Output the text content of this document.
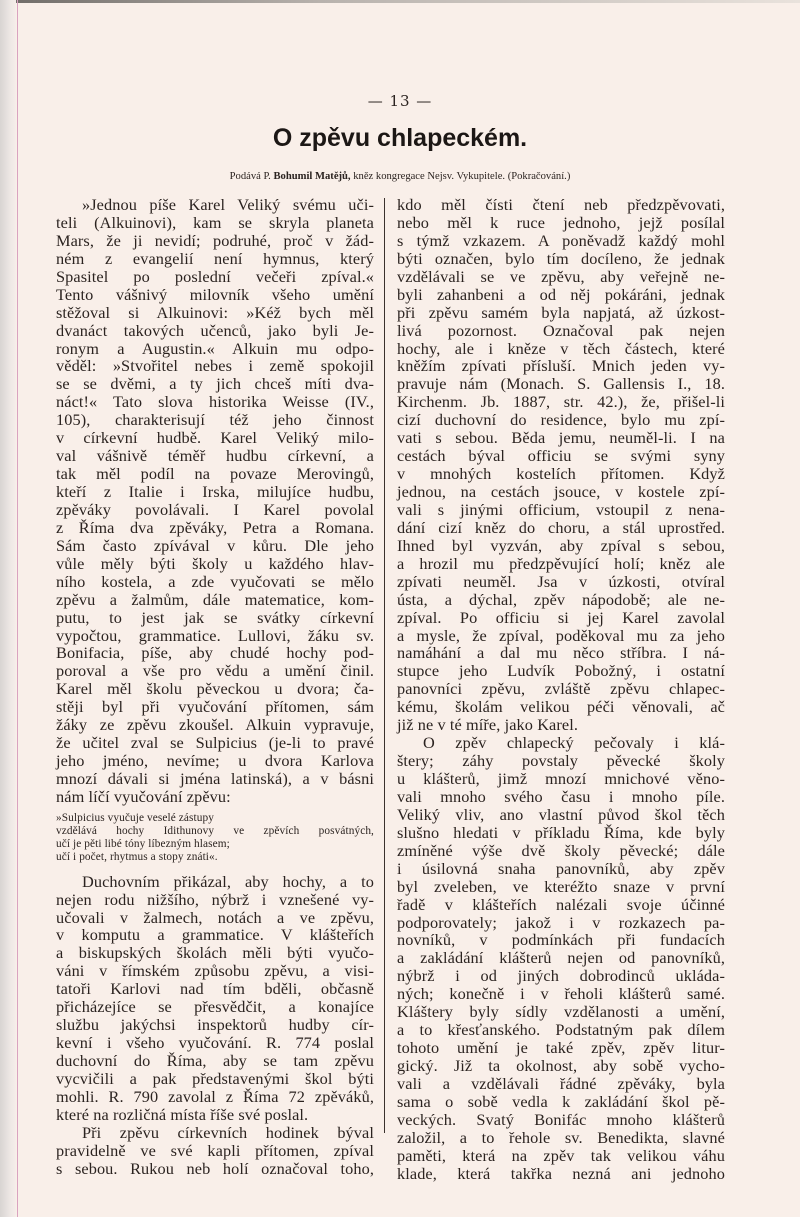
— 13 —
O zpěvu chlapeckém.
Podává P. Bohumil Matějů, kněz kongregace Nejsv. Vykupitele. (Pokračování.)
»Jednou píše Karel Veliký svému uči-
teli (Alkuinovi), kam se skryla planeta
Mars, že ji nevidí; podruhé, proč v žád-
ném z evangelií není hymnus, který
Spasitel po poslední večeři zpíval.«
Tento vášnivý milovník všeho umění
stěžoval si Alkuinovi: »Kéž bych měl
dvanáct takových učenců, jako byli Je-
ronym a Augustin.« Alkuin mu odpo-
věděl: »Stvořitel nebes i země spokojil
se se dvěmi, a ty jich chceš míti dva-
náct!« Tato slova historika Weisse (IV.,
105), charakterisují též jeho činnost
v církevní hudbě. Karel Veliký milo-
val vášnivě téměř hudbu církevní, a
tak měl podíl na povaze Merovingů,
kteří z Italie i Irska, milujíce hudbu,
zpěváky povolávali. I Karel povolal
z Říma dva zpěváky, Petra a Romana.
Sám často zpívával v kůru. Dle jeho
vůle měly býti školy u každého hlav-
ního kostela, a zde vyučovati se mělo
zpěvu a žalmům, dále matematice, kom-
putu, to jest jak se svátky církevní
vypočtou, grammatice. Lullovi, žáku sv.
Bonifacia, píše, aby chudé hochy pod-
poroval a vše pro vědu a umění činil.
Karel měl školu pěveckou u dvora; ča-
stěji byl při vyučování přítomen, sám
žáky ze zpěvu zkoušel. Alkuin vypravuje,
že učitel zval se Sulpicius (je-li to pravé
jeho jméno, nevíme; u dvora Karlova
mnozí dávali si jména latinská), a v básni
nám líčí vyučování zpěvu:
»Sulpicius vyučuje veselé zástupy
vzdělává hochy Idithunovy ve zpěvích posvátných,
učí je pěti libé tóny líbezným hlasem;
učí i počet, rhytmus a stopy znáti«.
Duchovním přikázal, aby hochy, a to
nejen rodu nižšího, nýbrž i vznešené vy-
učovali v žalmech, notách a ve zpěvu,
v komputu a grammatice. V klášteřích
a biskupských školách měli býti vyučo-
váni v římském způsobu zpěvu, a visi-
tatoři Karlovi nad tím bděli, občasně
přicházejíce se přesvědčit, a konajíce
službu jakýchsi inspektorů hudby cír-
kevní i všeho vyučování. R. 774 poslal
duchovní do Říma, aby se tam zpěvu
vycvičili a pak představenými škol býti
mohli. R. 790 zavolal z Říma 72 zpěváků,
které na rozličná místa říše své poslal.
Při zpěvu církevních hodinek býval
pravidelně ve své kapli přítomen, zpíval
s sebou. Rukou neb holí označoval toho,
kdo měl čísti čtení neb předzpěvovati,
nebo měl k ruce jednoho, jejž posílal
s týmž vzkazem. A poněvadž každý mohl
býti označen, bylo tím docíleno, že jednak
vzdělávali se ve zpěvu, aby veřejně ne-
byli zahanbeni a od něj pokáráni, jednak
při zpěvu samém byla napjatá, až úzkost-
livá pozornost. Označoval pak nejen
hochy, ale i kněze v těch částech, které
kněžím zpívati přísluší. Mnich jeden vy-
pravuje nám (Monach. S. Gallensis I., 18.
Kirchenm. Jb. 1887, str. 42.), že, přišel-li
cizí duchovní do residence, bylo mu zpí-
vati s sebou. Běda jemu, neuměl-li. I na
cestách býval officiu se svými syny
v mnohých kostelích přítomen. Když
jednou, na cestách jsouce, v kostele zpí-
vali s jinými officium, vstoupil z nena-
dání cizí kněz do choru, a stál uprostřed.
Ihned byl vyzván, aby zpíval s sebou,
a hrozil mu předzpěvující holí; kněz ale
zpívati neuměl. Jsa v úzkosti, otvíral
ústa, a dýchal, zpěv nápodobě; ale ne-
zpíval. Po officiu si jej Karel zavolal
a mysle, že zpíval, poděkoval mu za jeho
namáhání a dal mu něco stříbra. I ná-
stupce jeho Ludvík Pobožný, i ostatní
panovníci zpěvu, zvláště zpěvu chlapec-
kému, školám velikou péči věnovali, ač
již ne v té míře, jako Karel.
O zpěv chlapecký pečovaly i klá-
štery; záhy povstaly pěvecké školy
u klášterů, jimž mnozí mnichové věno-
vali mnoho svého času i mnoho píle.
Veliký vliv, ano vlastní původ škol těch
slušno hledati v příkladu Říma, kde byly
zmíněné výše dvě školy pěvecké; dále
i úsilovná snaha panovníků, aby zpěv
byl zveleben, ve kteréžto snaze v první
řadě v klášteřích nalézali svoje účinné
podporovately; jakož i v rozkazech pa-
novníků, v podmínkách při fundacích
a zakládání klášterů nejen od panovníků,
nýbrž i od jiných dobrodinců ukláda-
ných; konečně i v řeholi klášterů samé.
Kláštery byly sídly vzdělanosti a umění,
a to křesťanského. Podstatným pak dílem
tohoto umění je také zpěv, zpěv litur-
gický. Již ta okolnost, aby sobě vycho-
vali a vzdělávali řádné zpěváky, byla
sama o sobě vedla k zakládání škol pě-
veckých. Svatý Bonifác mnoho klášterů
založil, a to řehole sv. Benedikta, slavné
paměti, která na zpěv tak velikou váhu
klade, která takřka nezná ani jednoho
